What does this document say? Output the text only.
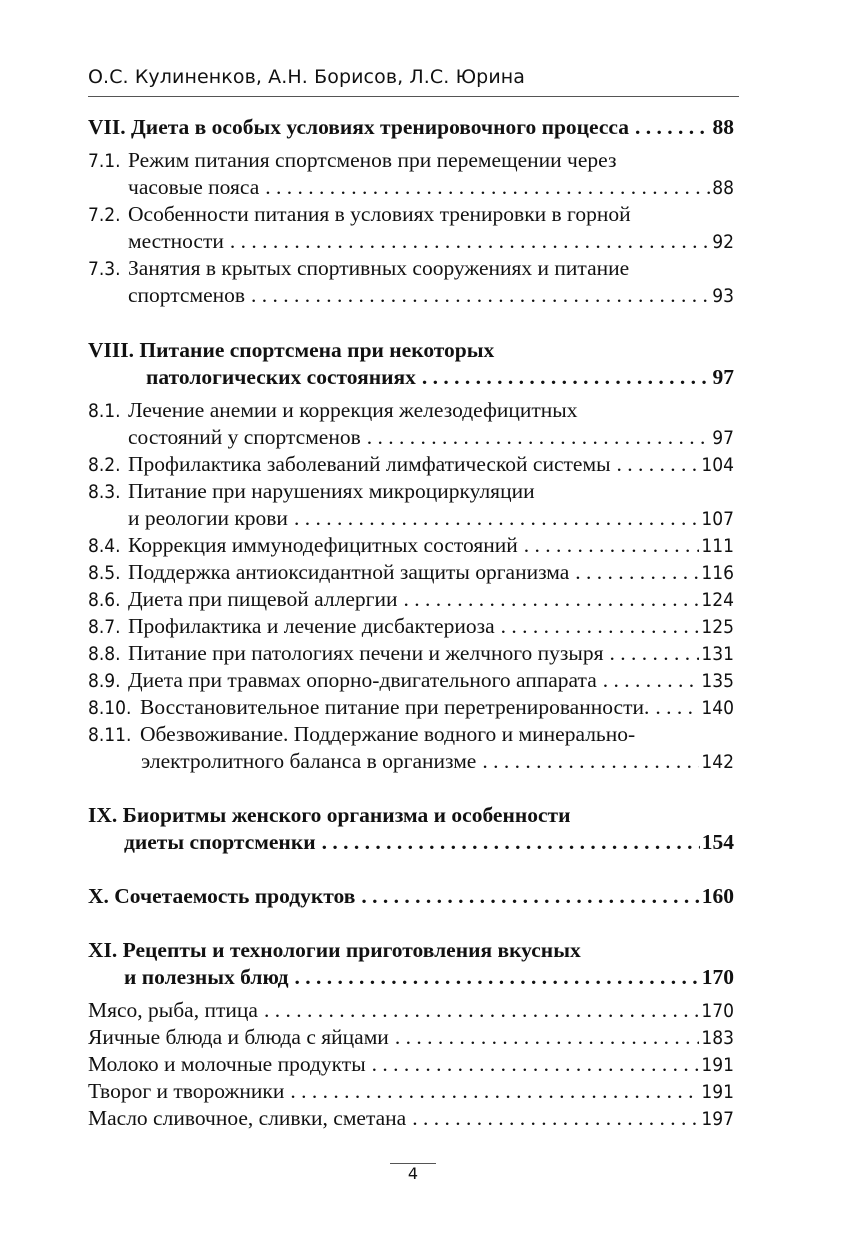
О.С. Кулиненков, А.Н. Борисов, Л.С. Юрина
VII. Диета в особых условиях тренировочного процесса . . .	88
7.1. Режим питания спортсменов при перемещении через
часовые пояса . . .	88
7.2. Особенности питания в условиях тренировки в горной
местности . . .	92
7.3. Занятия в крытых спортивных сооружениях и питание
спортсменов . . .	93
VIII. Питание спортсмена при некоторых
патологических состояниях . . .	97
8.1. Лечение анемии и коррекция железодефицитных
состояний у спортсменов . . .	97
8.2. Профилактика заболеваний лимфатической системы . . .	104
8.3. Питание при нарушениях микроциркуляции
и реологии крови . . .	107
8.4. Коррекция иммунодефицитных состояний . . .	111
8.5. Поддержка антиоксидантной защиты организма . . .	116
8.6. Диета при пищевой аллергии . . .	124
8.7. Профилактика и лечение дисбактериоза . . .	125
8.8. Питание при патологиях печени и желчного пузыря . . .	131
8.9. Диета при травмах опорно-двигательного аппарата . . .	135
8.10. Восстановительное питание при перетренированности. . . .	140
8.11. Обезвоживание. Поддержание водного и минерально-
электролитного баланса в организме . . .	142
IX. Биоритмы женского организма и особенности
диеты спортсменки . . .	154
X. Сочетаемость продуктов . . .	160
XI. Рецепты и технологии приготовления вкусных
и полезных блюд . . .	170
Мясо, рыба, птица . . .	170
Яичные блюда и блюда с яйцами . . .	183
Молоко и молочные продукты . . .	191
Творог и творожники . . .	191
Масло сливочное, сливки, сметана . . .	197
4
